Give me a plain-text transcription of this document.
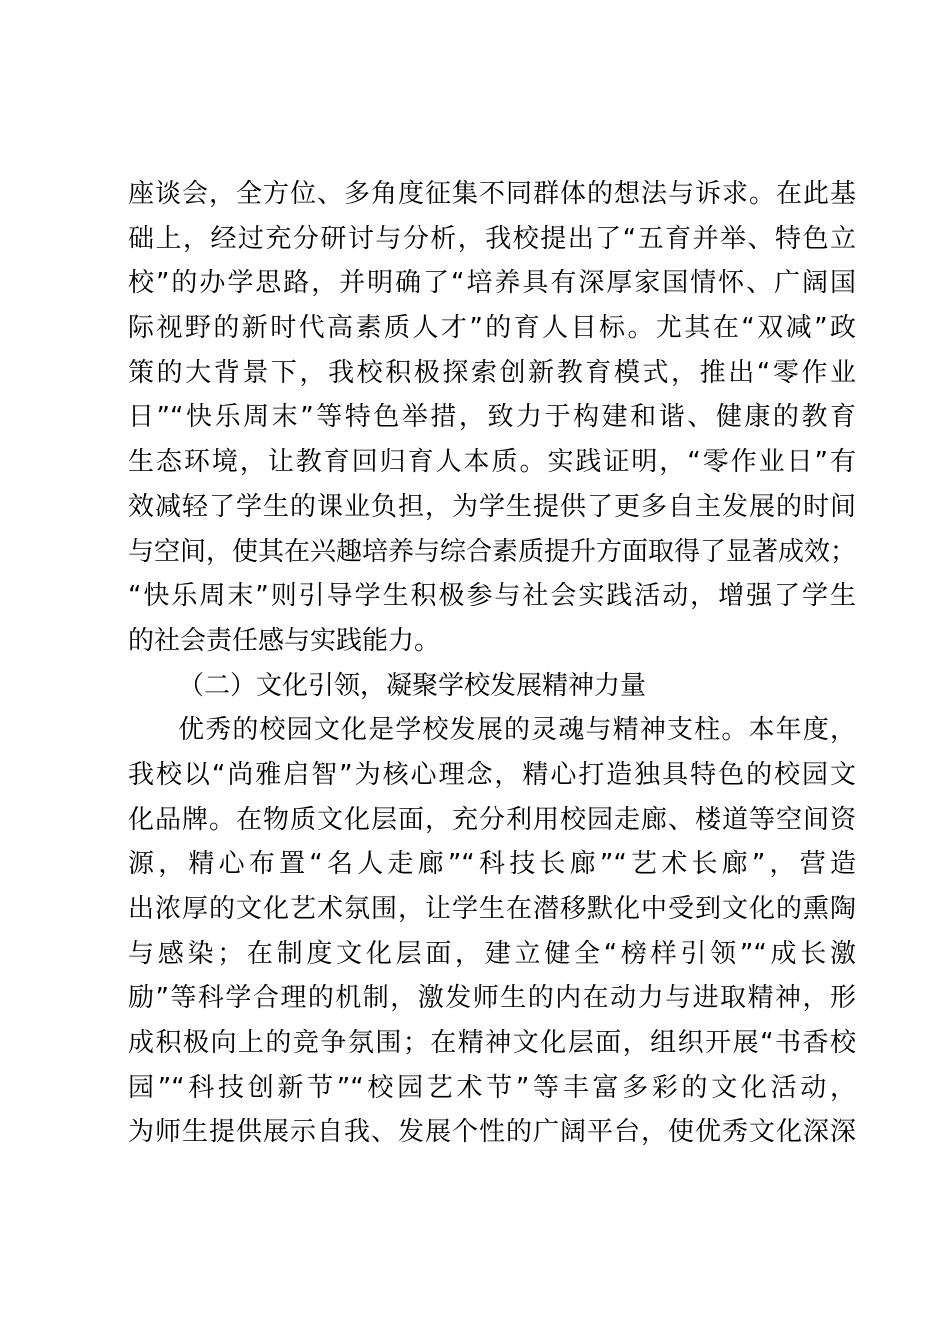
座谈会，全方位、多角度征集不同群体的想法与诉求。在此基
础上，经过充分研讨与分析，我校提出了“五育并举、特色立
校”的办学思路，并明确了“培养具有深厚家国情怀、广阔国
际视野的新时代高素质人才”的育人目标。尤其在“双减”政
策的大背景下，我校积极探索创新教育模式，推出“零作业
日”“快乐周末”等特色举措，致力于构建和谐、健康的教育
生态环境，让教育回归育人本质。实践证明，“零作业日”有
效减轻了学生的课业负担，为学生提供了更多自主发展的时间
与空间，使其在兴趣培养与综合素质提升方面取得了显著成效；
“快乐周末”则引导学生积极参与社会实践活动，增强了学生
的社会责任感与实践能力。
（二）文化引领，凝聚学校发展精神力量
优秀的校园文化是学校发展的灵魂与精神支柱。本年度，
我校以“尚雅启智”为核心理念，精心打造独具特色的校园文
化品牌。在物质文化层面，充分利用校园走廊、楼道等空间资
源，精心布置“名人走廊”“科技长廊”“艺术长廊”，营造
出浓厚的文化艺术氛围，让学生在潜移默化中受到文化的熏陶
与感染；在制度文化层面，建立健全“榜样引领”“成长激
励”等科学合理的机制，激发师生的内在动力与进取精神，形
成积极向上的竞争氛围；在精神文化层面，组织开展“书香校
园”“科技创新节”“校园艺术节”等丰富多彩的文化活动，
为师生提供展示自我、发展个性的广阔平台，使优秀文化深深
